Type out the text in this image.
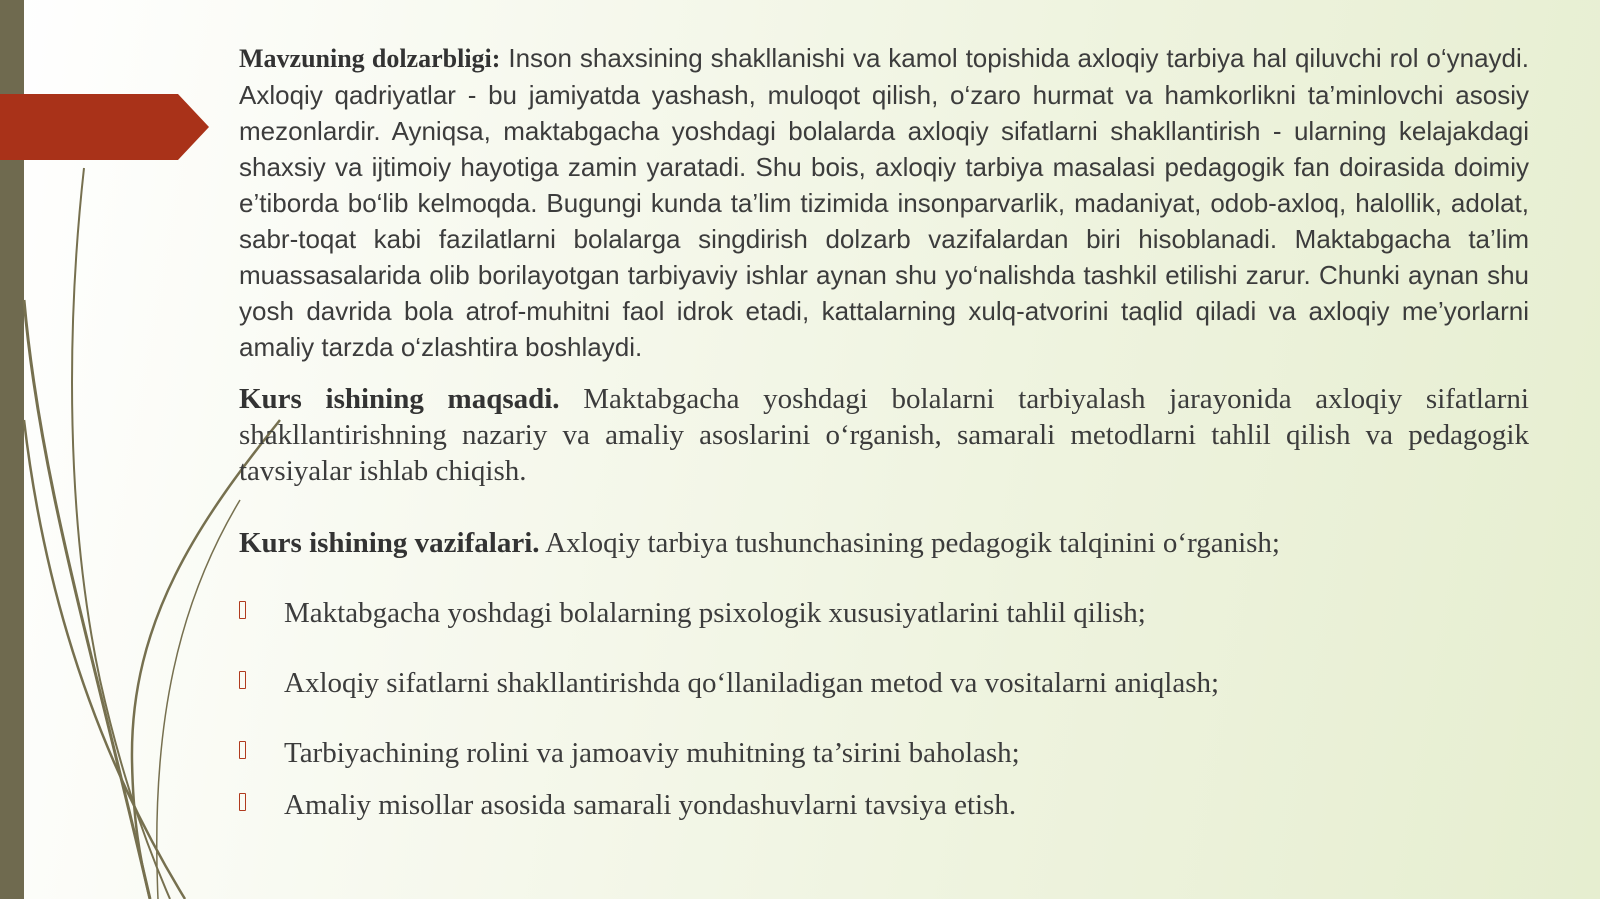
Mavzuning dolzarbligi: Inson shaxsining shakllanishi va kamol topishida axloqiy tarbiya hal qiluvchi rol o‘ynaydi. Axloqiy qadriyatlar - bu jamiyatda yashash, muloqot qilish, o‘zaro hurmat va hamkorlikni ta’minlovchi asosiy mezonlardir. Ayniqsa, maktabgacha yoshdagi bolalarda axloqiy sifatlarni shakllantirish - ularning kelajakdagi shaxsiy va ijtimoiy hayotiga zamin yaratadi. Shu bois, axloqiy tarbiya masalasi pedagogik fan doirasida doimiy e’tiborda bo‘lib kelmoqda. Bugungi kunda ta’lim tizimida insonparvarlik, madaniyat, odob-axloq, halollik, adolat, sabr-toqat kabi fazilatlarni bolalarga singdirish dolzarb vazifalardan biri hisoblanadi. Maktabgacha ta’lim muassasalarida olib borilayotgan tarbiyaviy ishlar aynan shu yo‘nalishda tashkil etilishi zarur. Chunki aynan shu yosh davrida bola atrof-muhitni faol idrok etadi, kattalarning xulq-atvorini taqlid qiladi va axloqiy me’yorlarni amaliy tarzda o‘zlashtira boshlaydi.

Kurs ishining maqsadi. Maktabgacha yoshdagi bolalarni tarbiyalash jarayonida axloqiy sifatlarni shakllantirishning nazariy va amaliy asoslarini o‘rganish, samarali metodlarni tahlil qilish va pedagogik tavsiyalar ishlab chiqish.

Kurs ishining vazifalari. Axloqiy tarbiya tushunchasining pedagogik talqinini o‘rganish;

Maktabgacha yoshdagi bolalarning psixologik xususiyatlarini tahlil qilish;
Axloqiy sifatlarni shakllantirishda qo‘llaniladigan metod va vositalarni aniqlash;
Tarbiyachining rolini va jamoaviy muhitning ta’sirini baholash;
Amaliy misollar asosida samarali yondashuvlarni tavsiya etish.
